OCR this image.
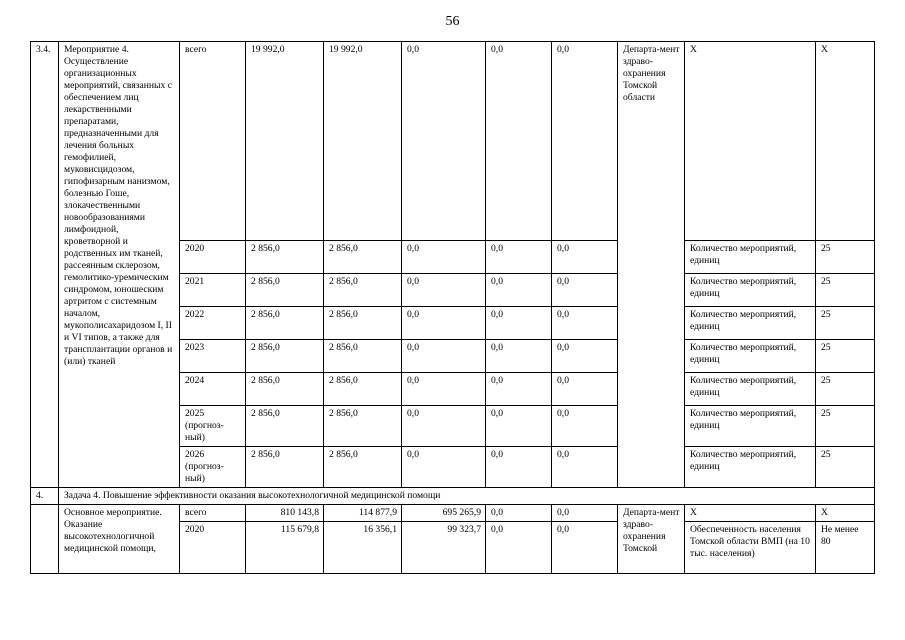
56
3.4.	Мероприятие 4. Осуществление организационных мероприятий, связанных с обеспечением лиц лекарственными препаратами, предназначенными для лечения больных гемофилией, муковисцидозом, гипофизарным нанизмом, болезнью Гоше, злокачественными новообразованиями лимфоидной, кроветворной и родственных им тканей, рассеянным склерозом, гемолитико-уремическим синдромом, юношеским артритом с системным началом, мукополисахаридозом I, II и VI типов, а также для трансплантации органов и (или) тканей	всего	19 992,0	19 992,0	0,0	0,0	0,0	Департа-мент здраво-охранения Томской области	Х	Х
		2020	2 856,0	2 856,0	0,0	0,0	0,0		Количество мероприятий, единиц	25
		2021	2 856,0	2 856,0	0,0	0,0	0,0		Количество мероприятий, единиц	25
		2022	2 856,0	2 856,0	0,0	0,0	0,0		Количество мероприятий, единиц	25
		2023	2 856,0	2 856,0	0,0	0,0	0,0		Количество мероприятий, единиц	25
		2024	2 856,0	2 856,0	0,0	0,0	0,0		Количество мероприятий, единиц	25
		2025 (прогноз-ный)	2 856,0	2 856,0	0,0	0,0	0,0		Количество мероприятий, единиц	25
		2026 (прогноз-ный)	2 856,0	2 856,0	0,0	0,0	0,0		Количество мероприятий, единиц	25
4.	Задача 4. Повышение эффективности оказания высокотехнологичной медицинской помощи									
	Основное мероприятие. Оказание высокотехнологичной медицинской помощи,	всего	810 143,8	114 877,9	695 265,9	0,0	0,0	Департа-мент здраво-охранения Томской	Х	Х
		2020	115 679,8	16 356,1	99 323,7	0,0	0,0		Обеспеченность населения Томской области ВМП (на 10 тыс. населения)	Не менее 80
